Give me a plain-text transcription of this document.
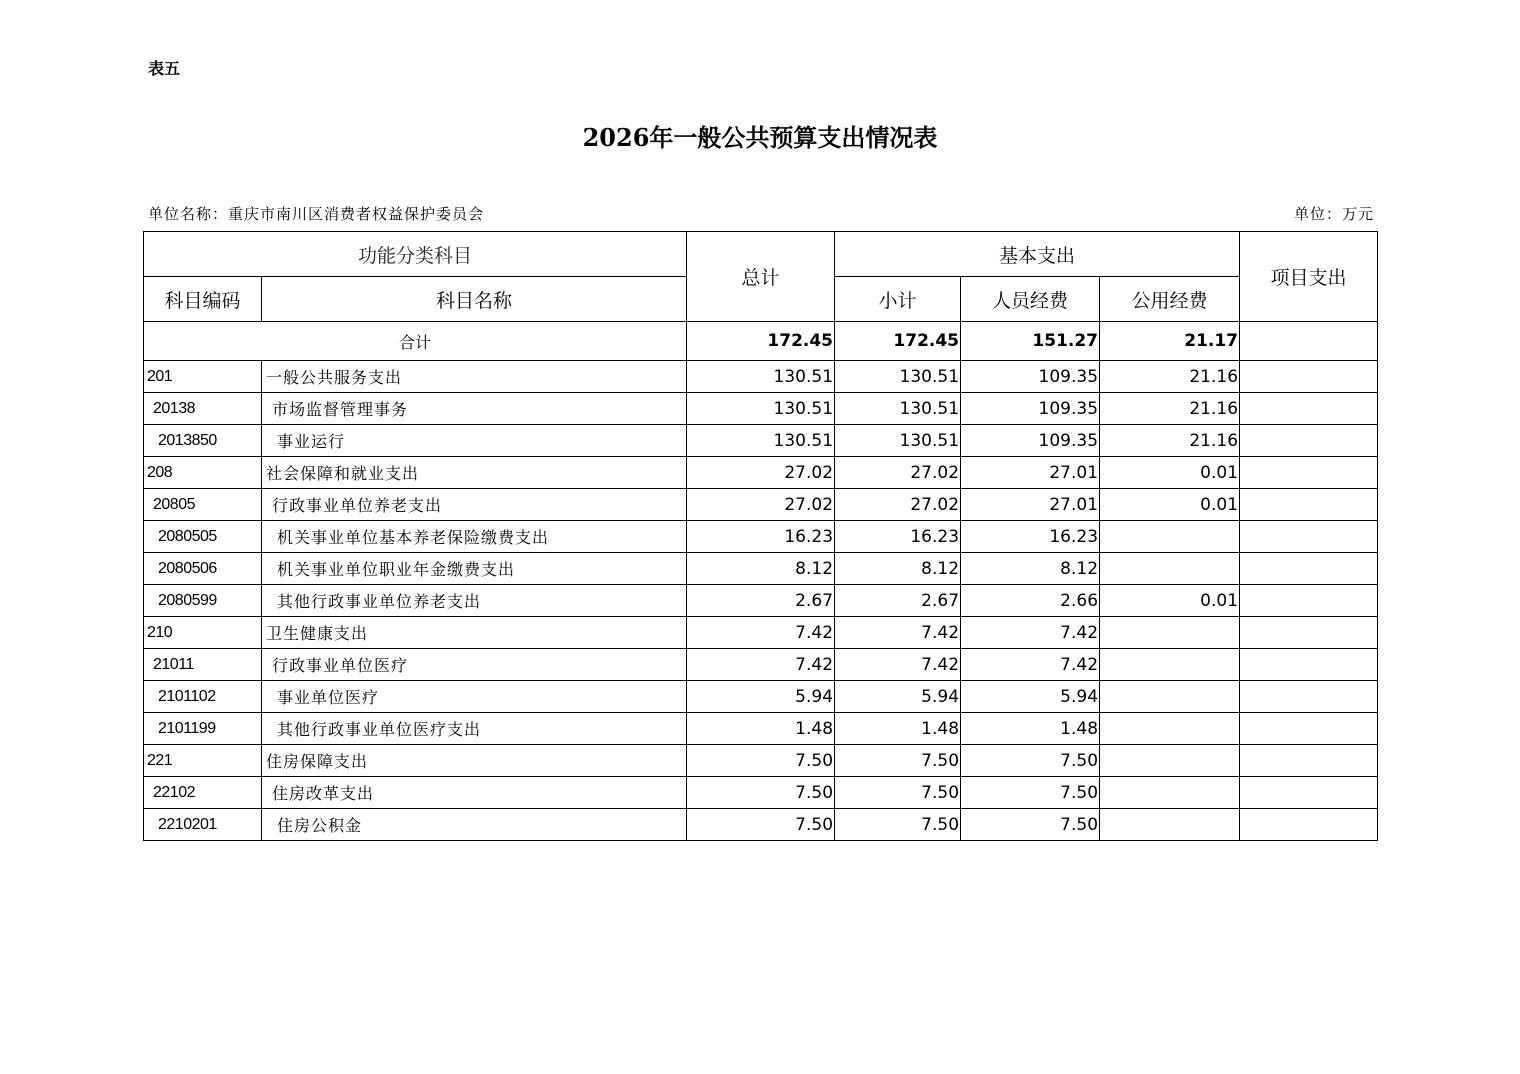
表五
2026年一般公共预算支出情况表
单位名称：重庆市南川区消费者权益保护委员会	单位：万元
功能分类科目		总计	基本支出			项目支出
科目编码	科目名称		小计	人员经费	公用经费	
合计		172.45	172.45	151.27	21.17	
201	一般公共服务支出	130.51	130.51	109.35	21.16	
20138	市场监督管理事务	130.51	130.51	109.35	21.16	
2013850	事业运行	130.51	130.51	109.35	21.16	
208	社会保障和就业支出	27.02	27.02	27.01	0.01	
20805	行政事业单位养老支出	27.02	27.02	27.01	0.01	
2080505	机关事业单位基本养老保险缴费支出	16.23	16.23	16.23		
2080506	机关事业单位职业年金缴费支出	8.12	8.12	8.12		
2080599	其他行政事业单位养老支出	2.67	2.67	2.66	0.01	
210	卫生健康支出	7.42	7.42	7.42		
21011	行政事业单位医疗	7.42	7.42	7.42		
2101102	事业单位医疗	5.94	5.94	5.94		
2101199	其他行政事业单位医疗支出	1.48	1.48	1.48		
221	住房保障支出	7.50	7.50	7.50		
22102	住房改革支出	7.50	7.50	7.50		
2210201	住房公积金	7.50	7.50	7.50		
